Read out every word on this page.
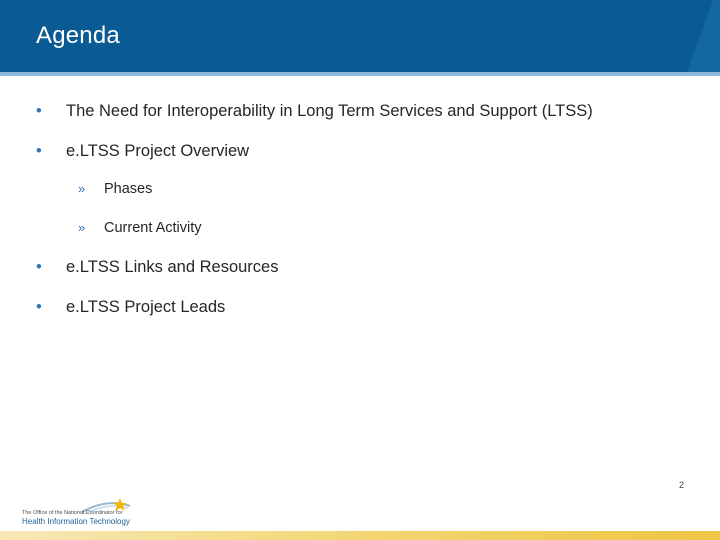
Agenda
• The Need for Interoperability in Long Term Services and Support (LTSS)
• e.LTSS Project Overview
» Phases
» Current Activity
• e.LTSS Links and Resources
• e.LTSS Project Leads
The Office of the National Coordinator for
Health Information Technology
2
